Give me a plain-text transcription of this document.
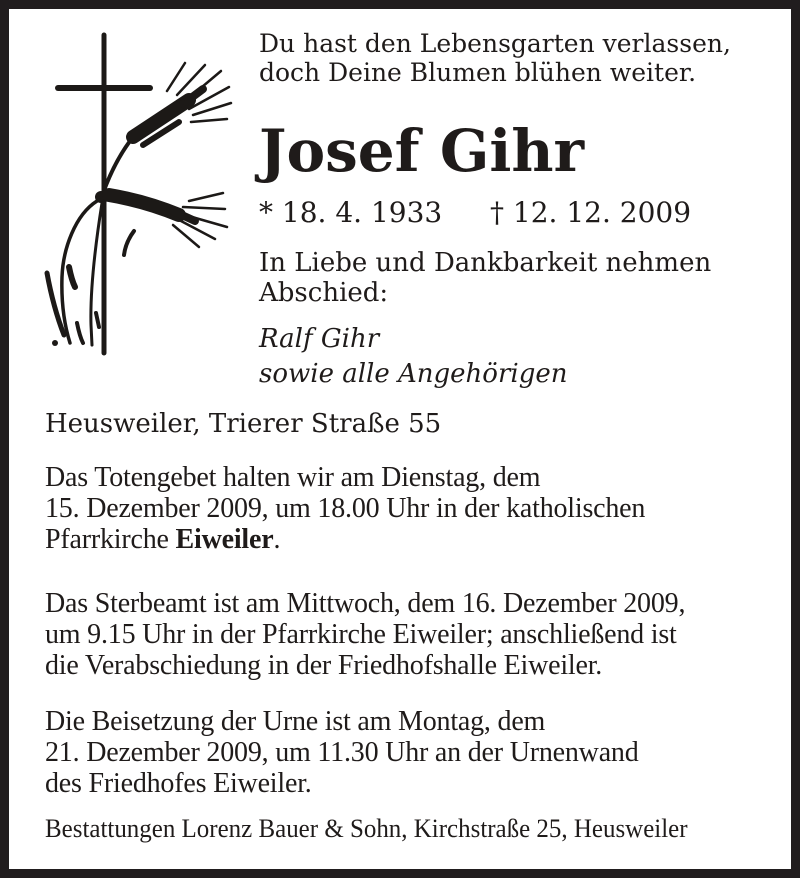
Du hast den Lebensgarten verlassen,
doch Deine Blumen blühen weiter.
Josef Gihr
* 18. 4. 1933 † 12. 12. 2009
In Liebe und Dankbarkeit nehmen
Abschied:
Ralf Gihr
sowie alle Angehörigen
Heusweiler, Trierer Straße 55
Das Totengebet halten wir am Dienstag, dem
15. Dezember 2009, um 18.00 Uhr in der katholischen
Pfarrkirche Eiweiler.
Das Sterbeamt ist am Mittwoch, dem 16. Dezember 2009,
um 9.15 Uhr in der Pfarrkirche Eiweiler; anschließend ist
die Verabschiedung in der Friedhofshalle Eiweiler.
Die Beisetzung der Urne ist am Montag, dem
21. Dezember 2009, um 11.30 Uhr an der Urnenwand
des Friedhofes Eiweiler.
Bestattungen Lorenz Bauer & Sohn, Kirchstraße 25, Heusweiler
